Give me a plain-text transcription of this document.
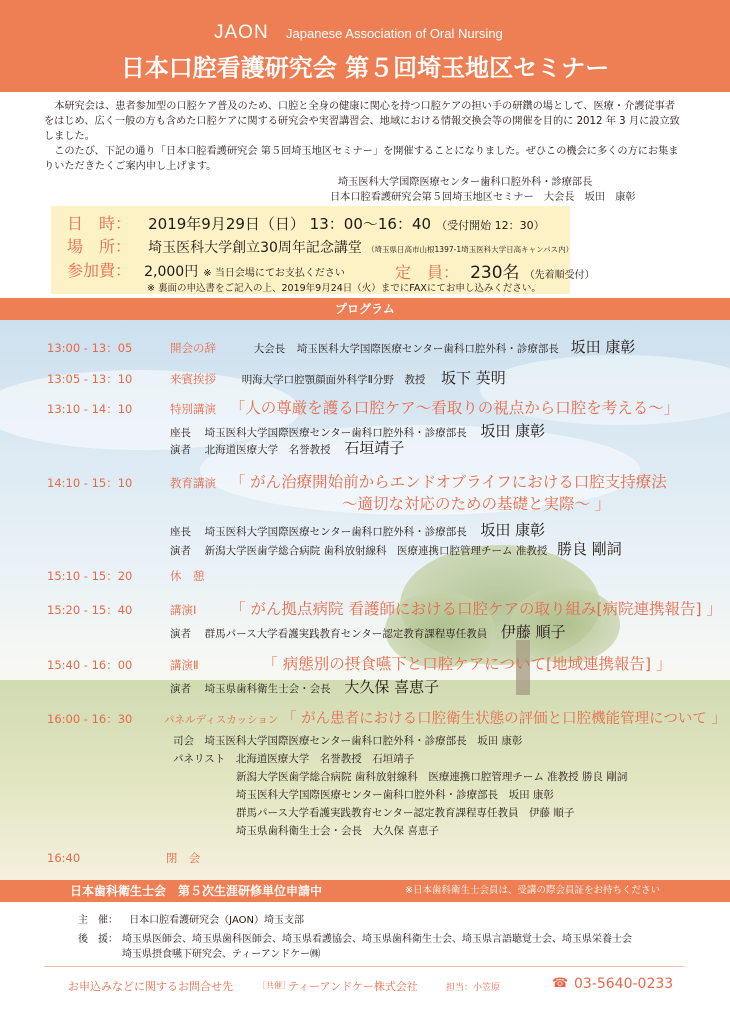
JAON Japanese Association of Oral Nursing
日本口腔看護研究会 第５回埼玉地区セミナー

本研究会は、患者参加型の口腔ケア普及のため、口腔と全身の健康に関心を持つ口腔ケアの担い手の研鑽の場として、医療・介護従事者をはじめ、広く一般の方も含めた口腔ケアに関する研究会や実習講習会、地域における情報交換会等の開催を目的に 2012 年 3 月に設立致しました。

このたび、下記の通り「日本口腔看護研究会 第５回埼玉地区セミナー」を開催することになりました。ぜひこの機会に多くの方にお集まりいただきたくご案内申し上げます。

埼玉医科大学国際医療センター歯科口腔外科・診療部長
日本口腔看護研究会第５回埼玉地区セミナー　大会長　坂田　康彰
日　時： 2019年9月29日（日） 13：00～16：40 （受付開始 12：30）
場　所： 埼玉医科大学創立30周年記念講堂 （埼玉県日高市山根1397-1埼玉医科大学日高キャンパス内）
参加費： 2,000円 ※ 当日会場にてお支払ください	定　員： 230名 （先着順受付）
※ 裏面の申込書をご記入の上、2019年9月24日（火）までにFAXにてお申し込みください。
プログラム
13:00 - 13：05	開会の辞	大会長 埼玉医科大学国際医療センター歯科口腔外科・診療部長 坂田 康彰
13:05 - 13：10	来賓挨拶 明海大学口腔顎顔面外科学Ⅱ分野　教授 坂下 英明
13:10 - 14：10	特別講演 「人の尊厳を護る口腔ケア～看取りの視点から口腔を考える～」
座長 埼玉医科大学国際医療センター歯科口腔外科・診療部長 坂田 康彰
演者 北海道医療大学　名誉教授 石垣靖子
14:10 - 15：10	教育講演 「 がん治療開始前からエンドオブライフにおける口腔支持療法
～適切な対応のための基礎と実際～ 」
座長 埼玉医科大学国際医療センター歯科口腔外科・診療部長 坂田 康彰
演者 新潟大学医歯学総合病院 歯科放射線科　医療連携口腔管理チーム 准教授 勝良 剛詞
15:10 - 15：20	休　憩
15:20 - 15：40	講演Ⅰ 「 がん拠点病院 看護師における口腔ケアの取り組み[病院連携報告] 」
演者 群馬パース大学看護実践教育センター認定教育課程専任教員 伊藤 順子
15:40 - 16：00	講演Ⅱ	「 病態別の摂食嚥下と口腔ケアについて[地域連携報告] 」
演者 埼玉県歯科衛生士会・会長 大久保 喜恵子
16:00 - 16：30	パネルディスカッション 「 がん患者における口腔衛生状態の評価と口腔機能管理について 」
司会　埼玉医科大学国際医療センター歯科口腔外科・診療部長　坂田 康彰
パネリスト　北海道医療大学　名誉教授　石垣靖子
新潟大学医歯学総合病院 歯科放射線科　医療連携口腔管理チーム 准教授 勝良 剛詞
埼玉医科大学国際医療センター歯科口腔外科・診療部長　坂田 康彰
群馬パース大学看護実践教育センター認定教育課程専任教員　伊藤 順子
埼玉県歯科衛生士会・会長　大久保 喜恵子
16:40	閉　会
日本歯科衛生士会　第５次生涯研修単位申請中	※日本歯科衛生士会員は、受講の際会員証をお持ちください
主　催： 日本口腔看護研究会（JAON）埼玉支部
後　援： 埼玉県医師会、埼玉県歯科医師会、埼玉県看護協会、埼玉県歯科衛生士会、埼玉県言語聴覚士会、埼玉県栄養士会
埼玉県摂食嚥下研究会、ティーアンドケー㈱
お申込みなどに関するお問合せ先	［共催］
ティーアンドケー株式会社	担当：小笠原	☎ 03-5640-0233
